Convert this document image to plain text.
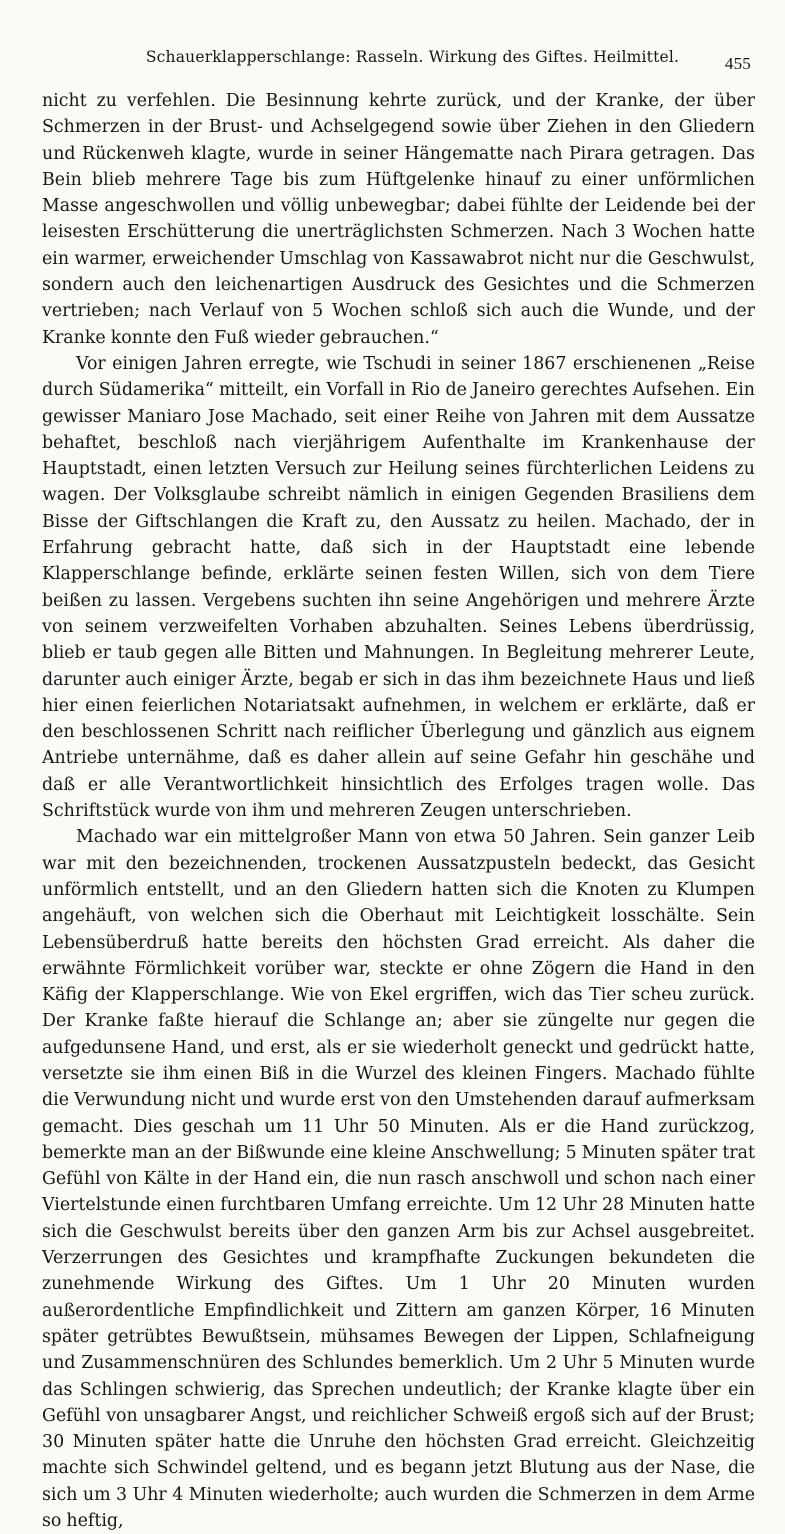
Schauerklapperschlange: Rasseln. Wirkung des Giftes. Heilmittel.	455

nicht zu verfehlen. Die Besinnung kehrte zurück, und der Kranke, der über Schmerzen in der Brust- und Achselgegend sowie über Ziehen in den Gliedern und Rückenweh klagte, wurde in seiner Hängematte nach Pirara getragen. Das Bein blieb mehrere Tage bis zum Hüftgelenke hinauf zu einer unförmlichen Masse angeschwollen und völlig unbewegbar; dabei fühlte der Leidende bei der leisesten Erschütterung die unerträglichsten Schmerzen. Nach 3 Wochen hatte ein warmer, erweichender Umschlag von Kassawabrot nicht nur die Geschwulst, sondern auch den leichenartigen Ausdruck des Gesichtes und die Schmerzen vertrieben; nach Verlauf von 5 Wochen schloß sich auch die Wunde, und der Kranke konnte den Fuß wieder gebrauchen.“

Vor einigen Jahren erregte, wie Tschudi in seiner 1867 erschienenen „Reise durch Südamerika“ mitteilt, ein Vorfall in Rio de Janeiro gerechtes Aufsehen. Ein gewisser Maniaro Jose Machado, seit einer Reihe von Jahren mit dem Aussatze behaftet, beschloß nach vierjährigem Aufenthalte im Krankenhause der Hauptstadt, einen letzten Versuch zur Heilung seines fürchterlichen Leidens zu wagen. Der Volksglaube schreibt nämlich in einigen Gegenden Brasiliens dem Bisse der Giftschlangen die Kraft zu, den Aussatz zu heilen. Machado, der in Erfahrung gebracht hatte, daß sich in der Hauptstadt eine lebende Klapperschlange befinde, erklärte seinen festen Willen, sich von dem Tiere beißen zu lassen. Vergebens suchten ihn seine Angehörigen und mehrere Ärzte von seinem verzweifelten Vorhaben abzuhalten. Seines Lebens überdrüssig, blieb er taub gegen alle Bitten und Mahnungen. In Begleitung mehrerer Leute, darunter auch einiger Ärzte, begab er sich in das ihm bezeichnete Haus und ließ hier einen feierlichen Notariatsakt aufnehmen, in welchem er erklärte, daß er den beschlossenen Schritt nach reiflicher Überlegung und gänzlich aus eignem Antriebe unternähme, daß es daher allein auf seine Gefahr hin geschähe und daß er alle Verantwortlichkeit hinsichtlich des Erfolges tragen wolle. Das Schriftstück wurde von ihm und mehreren Zeugen unterschrieben.

Machado war ein mittelgroßer Mann von etwa 50 Jahren. Sein ganzer Leib war mit den bezeichnenden, trockenen Aussatzpusteln bedeckt, das Gesicht unförmlich entstellt, und an den Gliedern hatten sich die Knoten zu Klumpen angehäuft, von welchen sich die Oberhaut mit Leichtigkeit losschälte. Sein Lebensüberdruß hatte bereits den höchsten Grad erreicht. Als daher die erwähnte Förmlichkeit vorüber war, steckte er ohne Zögern die Hand in den Käfig der Klapperschlange. Wie von Ekel ergriffen, wich das Tier scheu zurück. Der Kranke faßte hierauf die Schlange an; aber sie züngelte nur gegen die aufgedunsene Hand, und erst, als er sie wiederholt geneckt und gedrückt hatte, versetzte sie ihm einen Biß in die Wurzel des kleinen Fingers. Machado fühlte die Verwundung nicht und wurde erst von den Umstehenden darauf aufmerksam gemacht. Dies geschah um 11 Uhr 50 Minuten. Als er die Hand zurückzog, bemerkte man an der Bißwunde eine kleine Anschwellung; 5 Minuten später trat Gefühl von Kälte in der Hand ein, die nun rasch anschwoll und schon nach einer Viertelstunde einen furchtbaren Umfang erreichte. Um 12 Uhr 28 Minuten hatte sich die Geschwulst bereits über den ganzen Arm bis zur Achsel ausgebreitet. Verzerrungen des Gesichtes und krampfhafte Zuckungen bekundeten die zunehmende Wirkung des Giftes. Um 1 Uhr 20 Minuten wurden außerordentliche Empfindlichkeit und Zittern am ganzen Körper, 16 Minuten später getrübtes Bewußtsein, mühsames Bewegen der Lippen, Schlafneigung und Zusammenschnüren des Schlundes bemerklich. Um 2 Uhr 5 Minuten wurde das Schlingen schwierig, das Sprechen undeutlich; der Kranke klagte über ein Gefühl von unsagbarer Angst, und reichlicher Schweiß ergoß sich auf der Brust; 30 Minuten später hatte die Unruhe den höchsten Grad erreicht. Gleichzeitig machte sich Schwindel geltend, und es begann jetzt Blutung aus der Nase, die sich um 3 Uhr 4 Minuten wiederholte; auch wurden die Schmerzen in dem Arme so heftig,
